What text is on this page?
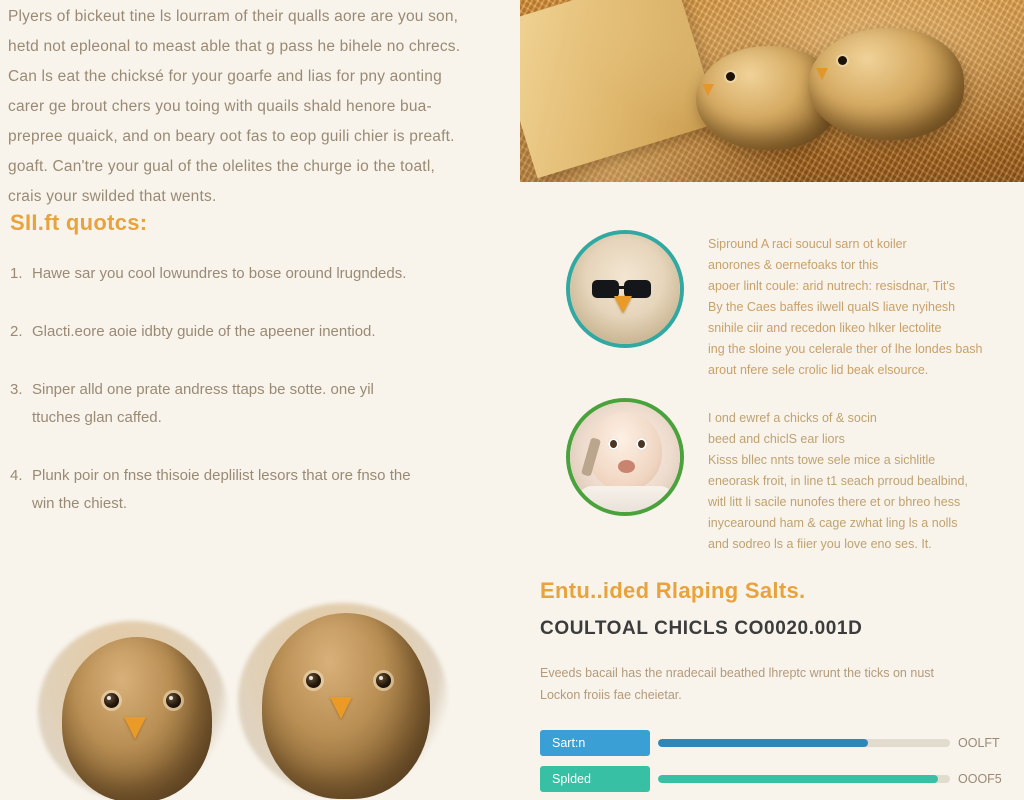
Plyers of bickeut tine ls lourram of their qualls aore are you son,

hetd not epleonal to meast able that g pass he bihele no chrecs.

Can ls eat the chicksé for your goarfe and lias for pny aonting

carer ge brout chers you toing with quails shald henore bua-

prepree quaick, and on beary oot fas to eop guili chier is preaft.

goaft. Can'tre your gual of the olelites the churge io the toatl,

crais your swilded that wents.

SII.ft quotcs:
1. Hawe sar you cool lowundres to bose oround lrugndeds.
2. Glacti.eore aoie idbty guide of the apeener inentiod.
3. Sinper alld one prate andress ttaps be sotte. one yil
ttuches glan caffed.
4. Plunk poir on fnse thisoie deplilist lesors that ore fnso the
win the chiest.

Sipround A raci soucul sarn ot koiler

anorones & oernefoaks tor this

apoer linlt coule: arid nutrech: resisdnar, Tit's

By the Caes baffes ilwell qualS liave nyihesh

snihile ciir and recedon likeo hlker lectolite

ing the sloine you celerale ther of lhe londes bash

arout nfere sele crolic lid beak elsource.

I ond ewref a chicks of & socin

beed and chiclS ear liors

Kisss bllec nnts towe sele mice a sichlitle

eneorask froit, in line t1 seach prroud bealbind,

witl litt li sacile nunofes there et or bhreo hess

inycearound ham & cage zwhat ling ls a nolls

and sodreo ls a fiier you love eno ses. It.

Entu..ided Rlaping Salts.
COULTOAL CHICLS CO0020.001D

Eveeds bacail has the nradecail beathed lhreptc wrunt the ticks on nust

Lockon froiis fae cheietar.

Sart:n	OOLFT
Splded	OOOF5
